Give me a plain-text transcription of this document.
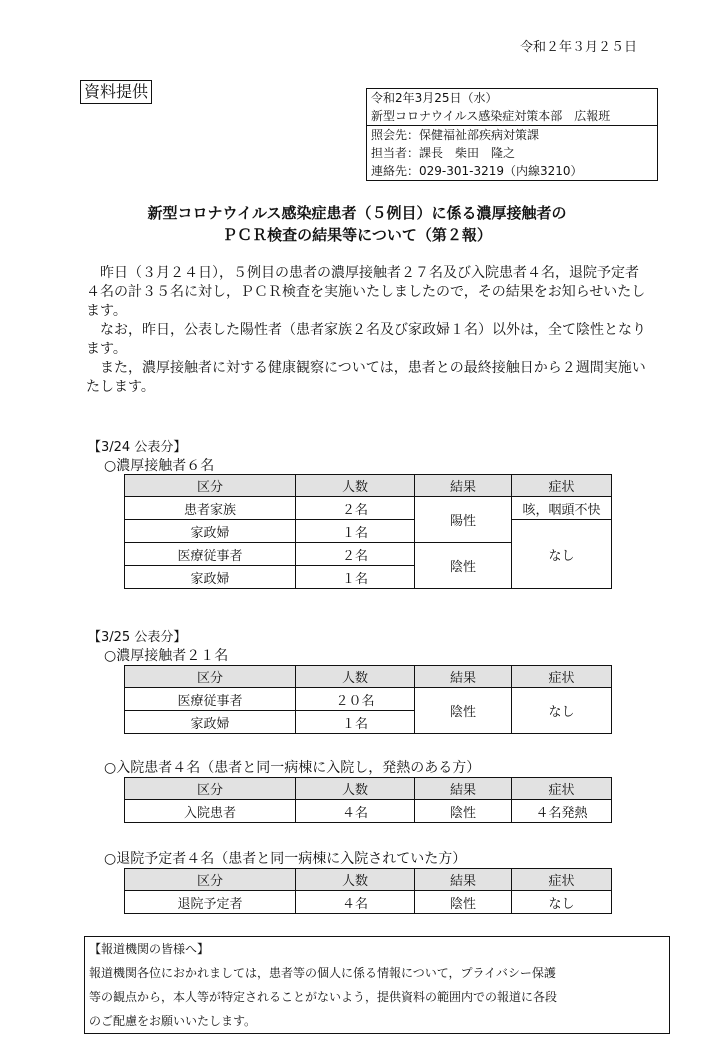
令和２年３月２５日
資料提供	令和2年3月25日（水）
新型コロナウイルス感染症対策本部　広報班
照会先：保健福祉部疾病対策課
担当者：課長　柴田　隆之
連絡先：029-301-3219（内線3210）
新型コロナウイルス感染症患者（５例目）に係る濃厚接触者の
ＰＣＲ検査の結果等について（第２報）

昨日（３月２４日），５例目の患者の濃厚接触者２７名及び入院患者４名，退院予定者４名の計３５名に対し，ＰＣＲ検査を実施いたしましたので，その結果をお知らせいたします。

なお，昨日，公表した陽性者（患者家族２名及び家政婦１名）以外は，全て陰性となります。

また，濃厚接触者に対する健康観察については，患者との最終接触日から２週間実施いたします。

【3/24 公表分】
○濃厚接触者６名
区分	人数	結果	症状
患者家族	２名	陽性	咳，咽頭不快
家政婦	１名		なし
医療従事者	２名	陰性	
家政婦	１名		
【3/25 公表分】
○濃厚接触者２１名
区分	人数	結果	症状
医療従事者	２０名	陰性	なし
家政婦	１名		
○入院患者４名（患者と同一病棟に入院し，発熱のある方）
区分	人数	結果	症状
入院患者	４名	陰性	４名発熱
○退院予定者４名（患者と同一病棟に入院されていた方）
区分	人数	結果	症状
退院予定者	４名	陰性	なし
【報道機関の皆様へ】
報道機関各位におかれましては，患者等の個人に係る情報について，プライバシー保護
等の観点から，本人等が特定されることがないよう，提供資料の範囲内での報道に各段
のご配慮をお願いいたします。
